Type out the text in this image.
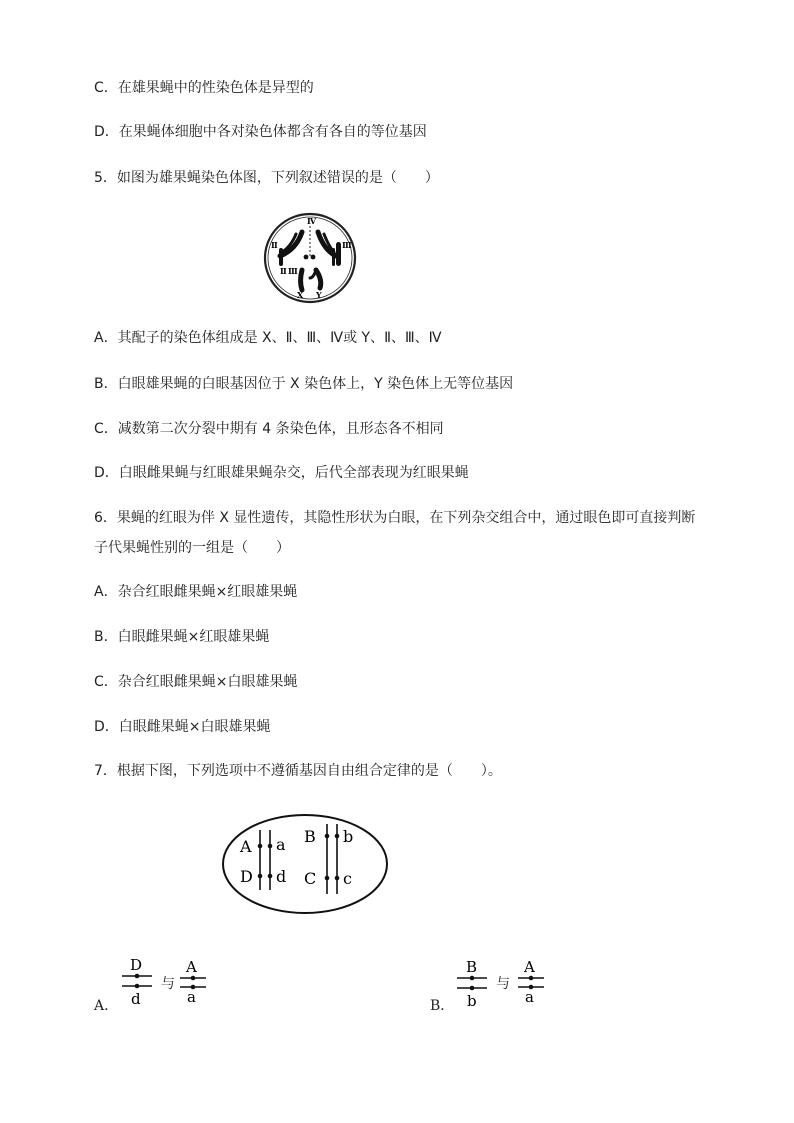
C．在雄果蝇中的性染色体是异型的
D．在果蝇体细胞中各对染色体都含有各自的等位基因
5．如图为雄果蝇染色体图，下列叙述错误的是（　　）
Ⅳ
Ⅱ
Ⅱ
Ⅲ
Ⅲ
X Y
A．其配子的染色体组成是 X、Ⅱ、Ⅲ、Ⅳ或 Y、Ⅱ、Ⅲ、Ⅳ
B．白眼雄果蝇的白眼基因位于 X 染色体上，Y 染色体上无等位基因
C．减数第二次分裂中期有 4 条染色体，且形态各不相同
D．白眼雌果蝇与红眼雄果蝇杂交，后代全部表现为红眼果蝇
6．果蝇的红眼为伴 X 显性遗传，其隐性形状为白眼，在下列杂交组合中，通过眼色即可直接判断
子代果蝇性别的一组是（　　）
A．杂合红眼雌果蝇×红眼雄果蝇
B．白眼雌果蝇×红眼雄果蝇
C．杂合红眼雌果蝇×白眼雄果蝇
D．白眼雌果蝇×白眼雄果蝇
7．根据下图，下列选项中不遵循基因自由组合定律的是（　　）。
A a
D d
B b
C c
A．
D
d
与
A
a	B．
B
b
与
A
a
